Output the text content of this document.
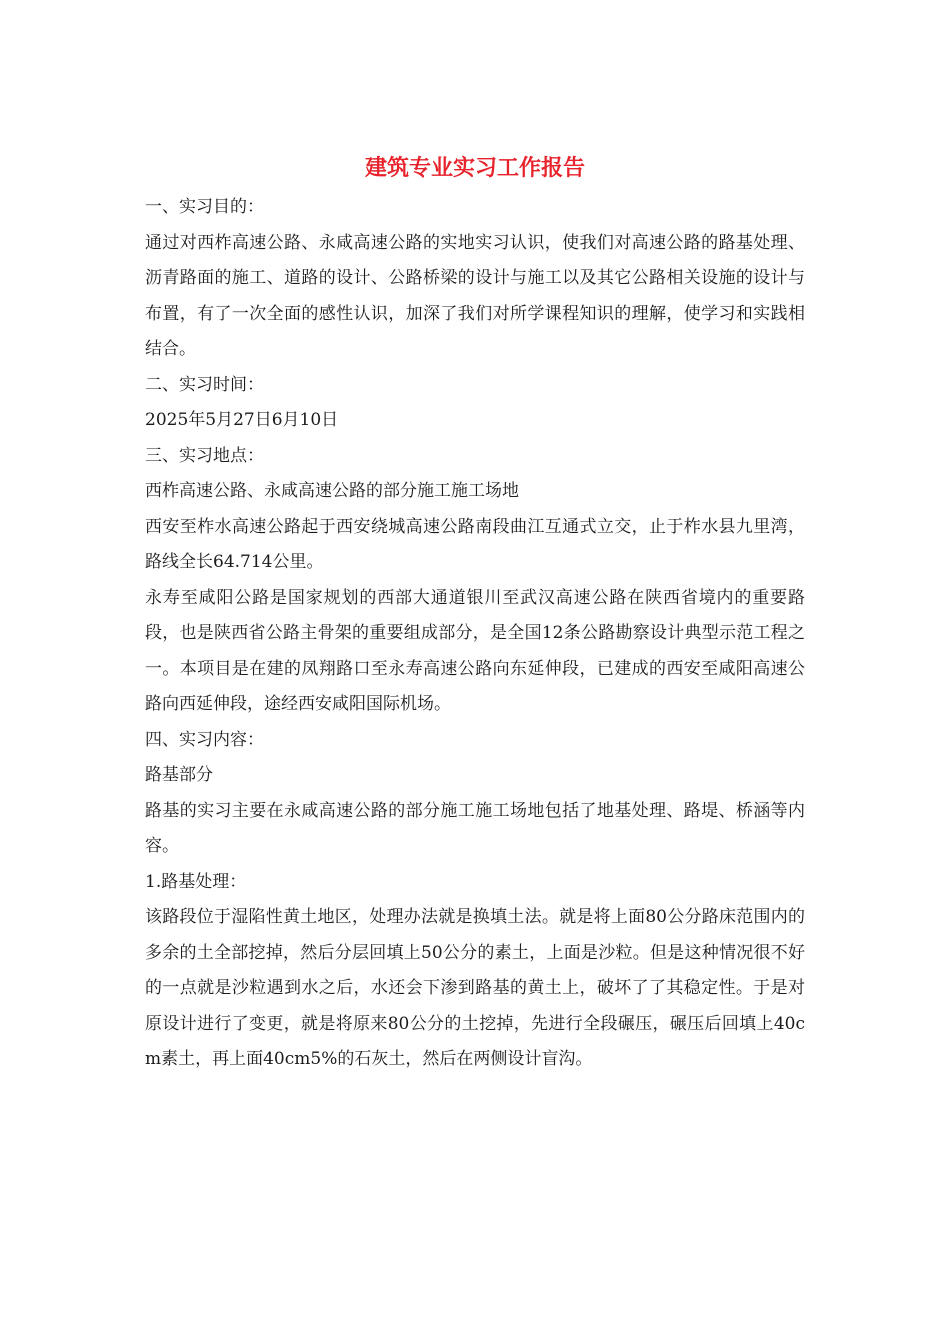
建筑专业实习工作报告

一、实习目的：

通过对西柞高速公路、永咸高速公路的实地实习认识，使我们对高速公路的路基处理、沥青路面的施工、道路的设计、公路桥梁的设计与施工以及其它公路相关设施的设计与布置，有了一次全面的感性认识，加深了我们对所学课程知识的理解，使学习和实践相结合。

二、实习时间：

2025年5月27日6月10日

三、实习地点：

西柞高速公路、永咸高速公路的部分施工施工场地

西安至柞水高速公路起于西安绕城高速公路南段曲江互通式立交，止于柞水县九里湾，路线全长64.714公里。

永寿至咸阳公路是国家规划的西部大通道银川至武汉高速公路在陕西省境内的重要路段，也是陕西省公路主骨架的重要组成部分，是全国12条公路勘察设计典型示范工程之一。本项目是在建的凤翔路口至永寿高速公路向东延伸段，已建成的西安至咸阳高速公路向西延伸段，途经西安咸阳国际机场。

四、实习内容：

路基部分

路基的实习主要在永咸高速公路的部分施工施工场地包括了地基处理、路堤、桥涵等内容。

1.路基处理：

该路段位于湿陷性黄土地区，处理办法就是换填土法。就是将上面80公分路床范围内的多余的土全部挖掉，然后分层回填上50公分的素土，上面是沙粒。但是这种情况很不好的一点就是沙粒遇到水之后，水还会下渗到路基的黄土上，破坏了了其稳定性。于是对原设计进行了变更，就是将原来80公分的土挖掉，先进行全段碾压，碾压后回填上40cm素土，再上面40cm5%的石灰土，然后在两侧设计盲沟。
